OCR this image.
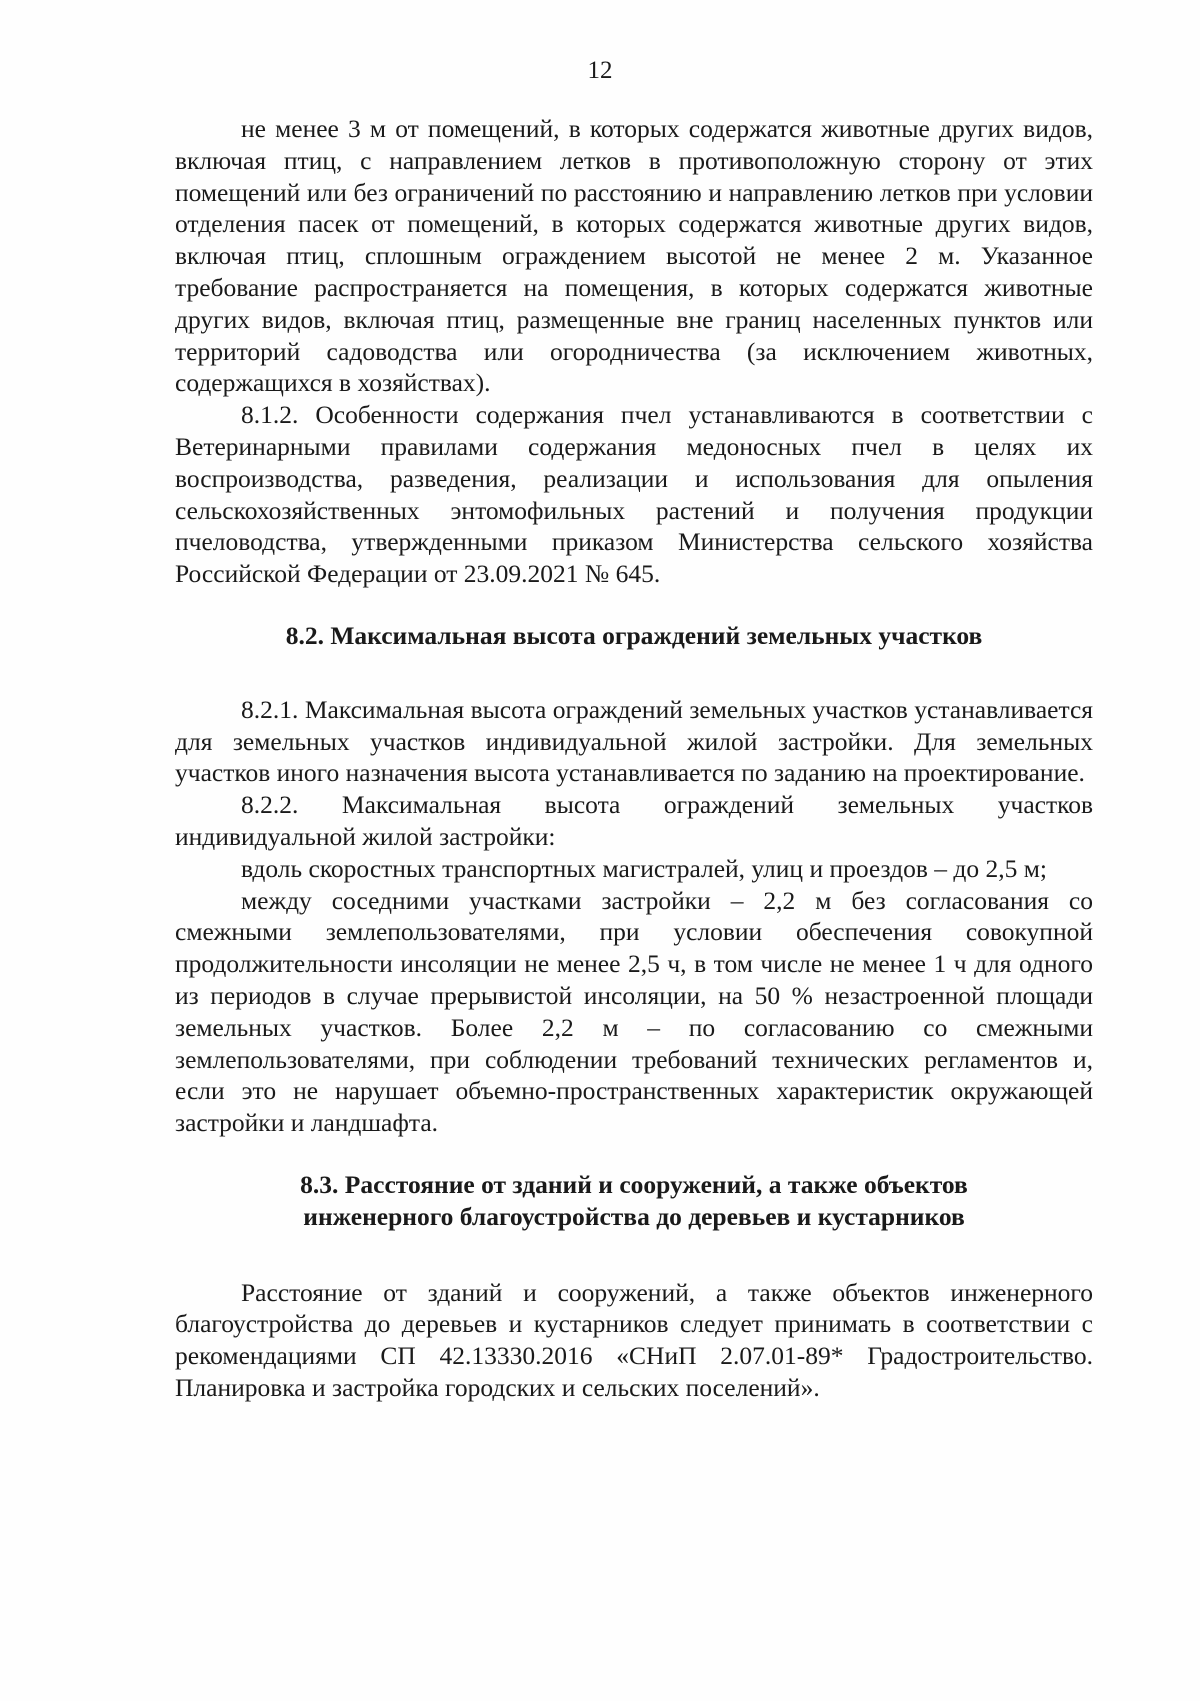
12

не менее 3 м от помещений, в которых содержатся животные других видов, включая птиц, с направлением летков в противоположную сторону от этих помещений или без ограничений по расстоянию и направлению летков при условии отделения пасек от помещений, в которых содержатся животные других видов, включая птиц, сплошным ограждением высотой не менее 2 м. Указанное требование распространяется на помещения, в которых содержатся животные других видов, включая птиц, размещенные вне границ населенных пунктов или территорий садоводства или огородничества (за исключением животных, содержащихся в хозяйствах).

8.1.2. Особенности содержания пчел устанавливаются в соответствии с Ветеринарными правилами содержания медоносных пчел в целях их воспроизводства, разведения, реализации и использования для опыления сельскохозяйственных энтомофильных растений и получения продукции пчеловодства, утвержденными приказом Министерства сельского хозяйства Российской Федерации от 23.09.2021 № 645.

8.2. Максимальная высота ограждений земельных участков

8.2.1. Максимальная высота ограждений земельных участков устанавливается для земельных участков индивидуальной жилой застройки. Для земельных участков иного назначения высота устанавливается по заданию на проектирование.

8.2.2. Максимальная высота ограждений земельных участков индивидуальной жилой застройки:

вдоль скоростных транспортных магистралей, улиц и проездов – до 2,5 м;

между соседними участками застройки – 2,2 м без согласования со смежными землепользователями, при условии обеспечения совокупной продолжительности инсоляции не менее 2,5 ч, в том числе не менее 1 ч для одного из периодов в случае прерывистой инсоляции, на 50 % незастроенной площади земельных участков. Более 2,2 м – по согласованию со смежными землепользователями, при соблюдении требований технических регламентов и, если это не нарушает объемно-пространственных характеристик окружающей застройки и ландшафта.

8.3. Расстояние от зданий и сооружений, а также объектов
инженерного благоустройства до деревьев и кустарников

Расстояние от зданий и сооружений, а также объектов инженерного благоустройства до деревьев и кустарников следует принимать в соответствии с рекомендациями СП 42.13330.2016 «СНиП 2.07.01-89* Градостроительство. Планировка и застройка городских и сельских поселений».
